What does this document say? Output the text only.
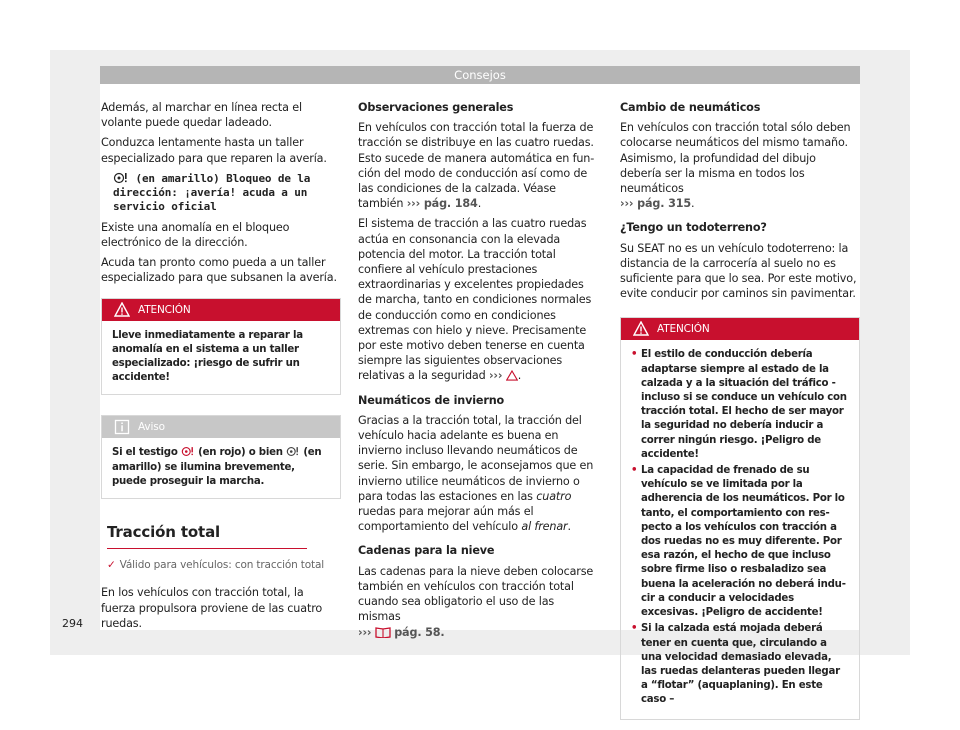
Consejos

Además, al marchar en línea recta el volante puede quedar ladeado.

Conduzca lentamente hasta un taller especializado para que reparen la avería.

(en amarillo) Bloqueo de la dirección: ¡avería! acuda a un servicio oficial

Existe una anomalía en el bloqueo electrónico de la dirección.

Acuda tan pronto como pueda a un taller especializado para que subsanen la avería.

ATENCIÓN

Lleve inmediatamente a reparar la anomalía en el sistema a un taller especializado: ¡riesgo de sufrir un accidente!

Aviso

Si el testigo  (en rojo) o bien  (en amarillo) se ilumina brevemente, puede proseguir la marcha.

Tracción total
✓ Válido para vehículos: con tracción total

En los vehículos con tracción total, la fuerza propulsora proviene de las cuatro ruedas.

Observaciones generales

En vehículos con tracción total la fuerza de tracción se distribuye en las cuatro ruedas. Esto sucede de manera automática en función del modo de conducción así como de las condiciones de la calzada. Véase también ››› pág. 184.

El sistema de tracción a las cuatro ruedas actúa en consonancia con la elevada potencia del motor. La tracción total confiere al vehículo prestaciones extraordinarias y excelentes propiedades de marcha, tanto en condiciones normales de conducción como en condiciones extremas con hielo y nieve. Precisamente por este motivo deben tenerse en cuenta siempre las siguientes observaciones relativas a la seguridad ››› .

Neumáticos de invierno

Gracias a la tracción total, la tracción del vehículo hacia adelante es buena en invierno incluso llevando neumáticos de serie. Sin embargo, le aconsejamos que en invierno utilice neumáticos de invierno o para todas las estaciones en las cuatro ruedas para mejorar aún más el comportamiento del vehículo al frenar.

Cadenas para la nieve

Las cadenas para la nieve deben colocarse también en vehículos con tracción total cuando sea obligatorio el uso de las mismas
››› pág. 58.

Cambio de neumáticos

En vehículos con tracción total sólo deben colocarse neumáticos del mismo tamaño. Asimismo, la profundidad del dibujo debería ser la misma en todos los neumáticos
››› pág. 315.

¿Tengo un todoterreno?

Su SEAT no es un vehículo todoterreno: la distancia de la carrocería al suelo no es suficiente para que lo sea. Por este motivo, evite conducir por caminos sin pavimentar.

ATENCIÓN

• El estilo de conducción debería adaptarse siempre al estado de la calzada y a la situación del tráfico - incluso si se conduce un vehículo con tracción total. El hecho de ser mayor la seguridad no debería inducir a correr ningún riesgo. ¡Peligro de accidente!

• La capacidad de frenado de su vehículo se ve limitada por la adherencia de los neumáticos. Por lo tanto, el comportamiento con respecto a los vehículos con tracción a dos ruedas no es muy diferente. Por esa razón, el hecho de que incluso sobre firme liso o resbaladizo sea buena la aceleración no deberá inducir a conducir a velocidades excesivas. ¡Peligro de accidente!

• Si la calzada está mojada deberá tener en cuenta que, circulando a una velocidad demasiado elevada, las ruedas delanteras pueden llegar a “flotar” (aquaplaning). En este caso –

294
